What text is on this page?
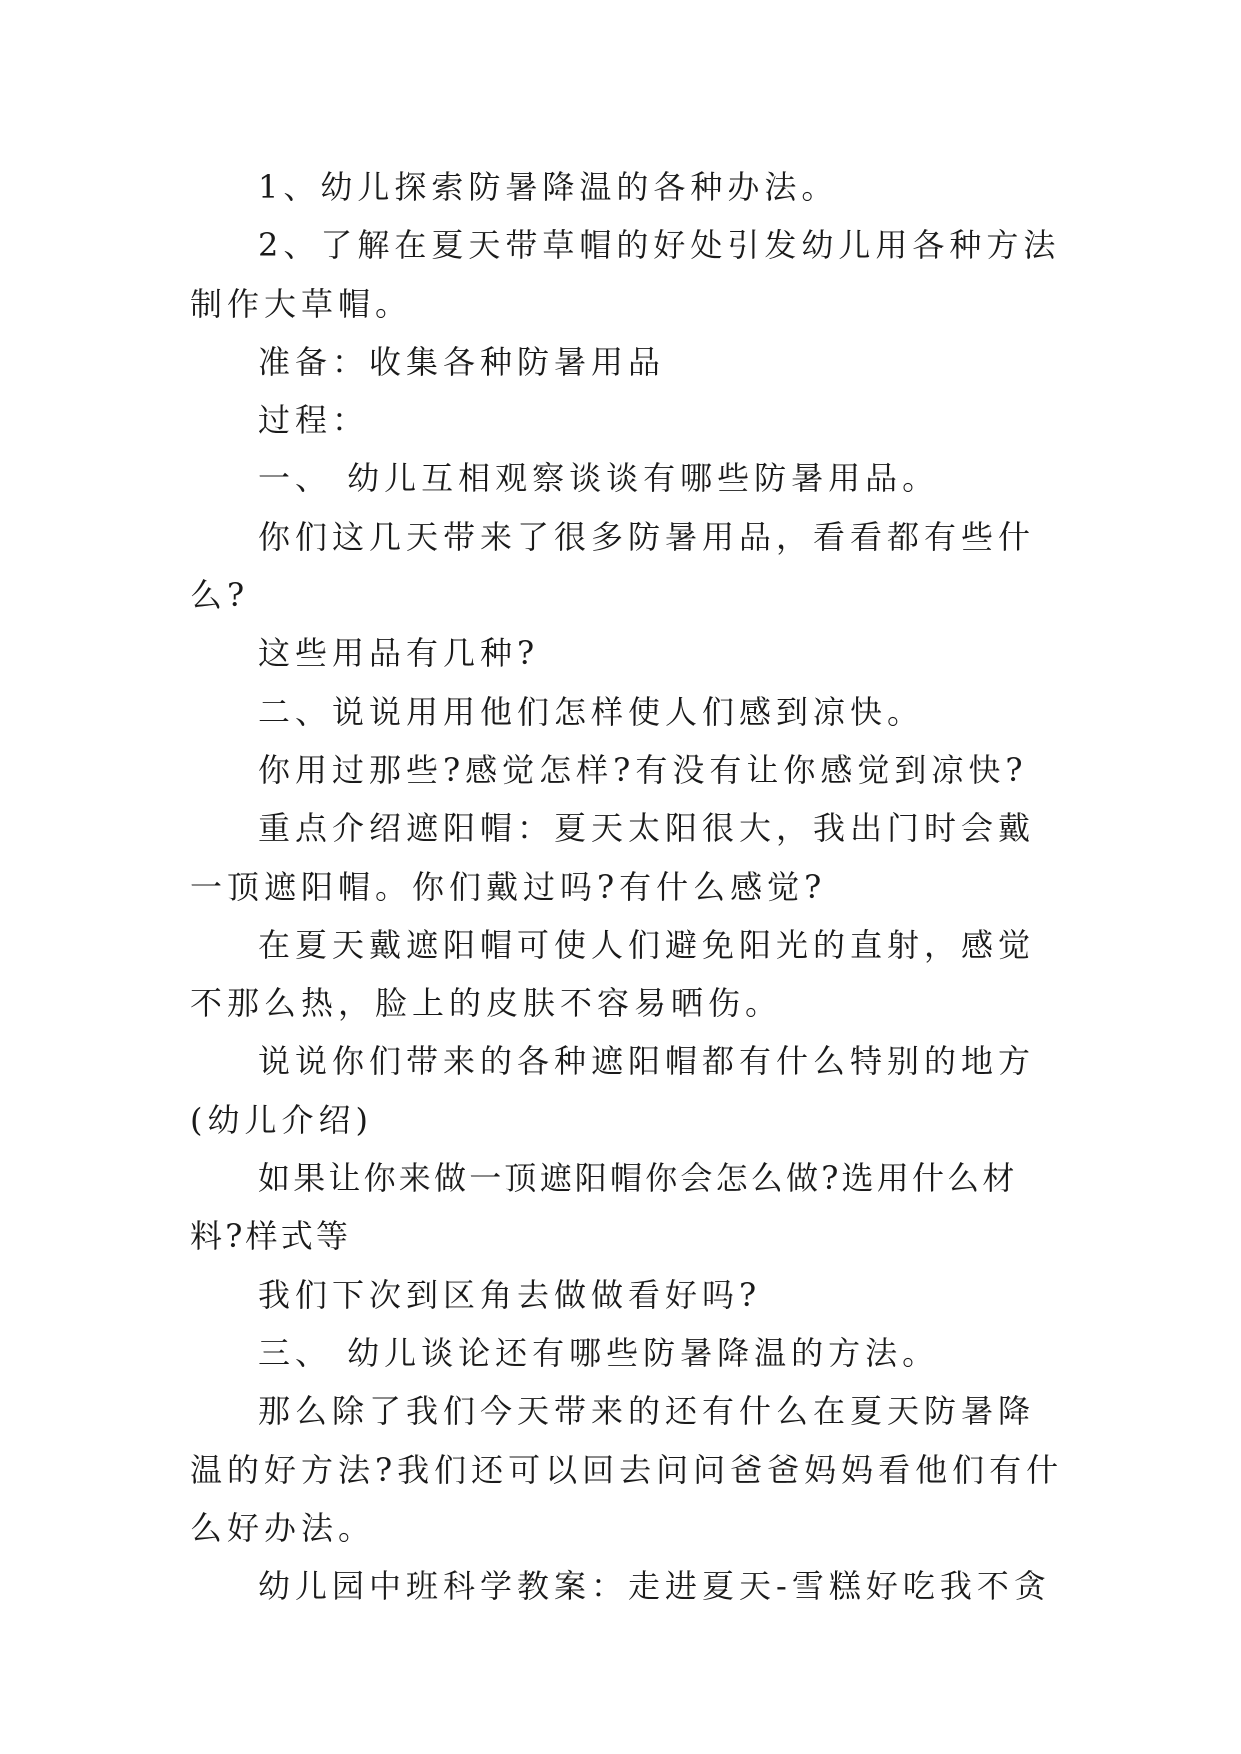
1、幼儿探索防暑降温的各种办法。

2、了解在夏天带草帽的好处引发幼儿用各种方法制作大草帽。

准备：收集各种防暑用品

过程：

一、 幼儿互相观察谈谈有哪些防暑用品。

你们这几天带来了很多防暑用品，看看都有些什么?

这些用品有几种?

二、说说用用他们怎样使人们感到凉快。

你用过那些?感觉怎样?有没有让你感觉到凉快?

重点介绍遮阳帽：夏天太阳很大，我出门时会戴一顶遮阳帽。你们戴过吗?有什么感觉?

在夏天戴遮阳帽可使人们避免阳光的直射，感觉不那么热，脸上的皮肤不容易晒伤。

说说你们带来的各种遮阳帽都有什么特别的地方(幼儿介绍)

如果让你来做一顶遮阳帽你会怎么做?选用什么材料?样式等

我们下次到区角去做做看好吗?

三、 幼儿谈论还有哪些防暑降温的方法。

那么除了我们今天带来的还有什么在夏天防暑降温的好方法?我们还可以回去问问爸爸妈妈看他们有什么好办法。

幼儿园中班科学教案：走进夏天-雪糕好吃我不贪
